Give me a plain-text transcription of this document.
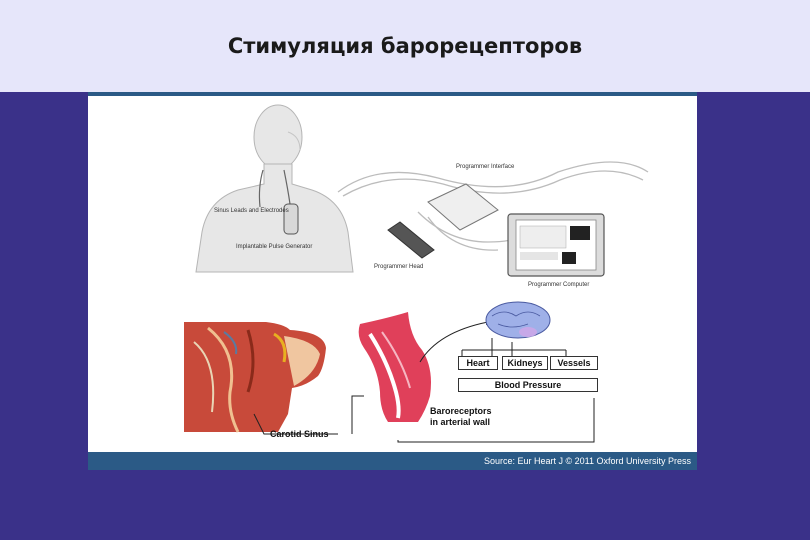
Стимуляция барорецепторов
Sinus Leads and Electrodes
Implantable Pulse Generator
Programmer Interface
Programmer Head
Programmer Computer
Heart	Kidneys	Vessels
Blood Pressure
Baroreceptors
in arterial wall
Carotid Sinus
Source: Eur Heart J © 2011 Oxford University Press
